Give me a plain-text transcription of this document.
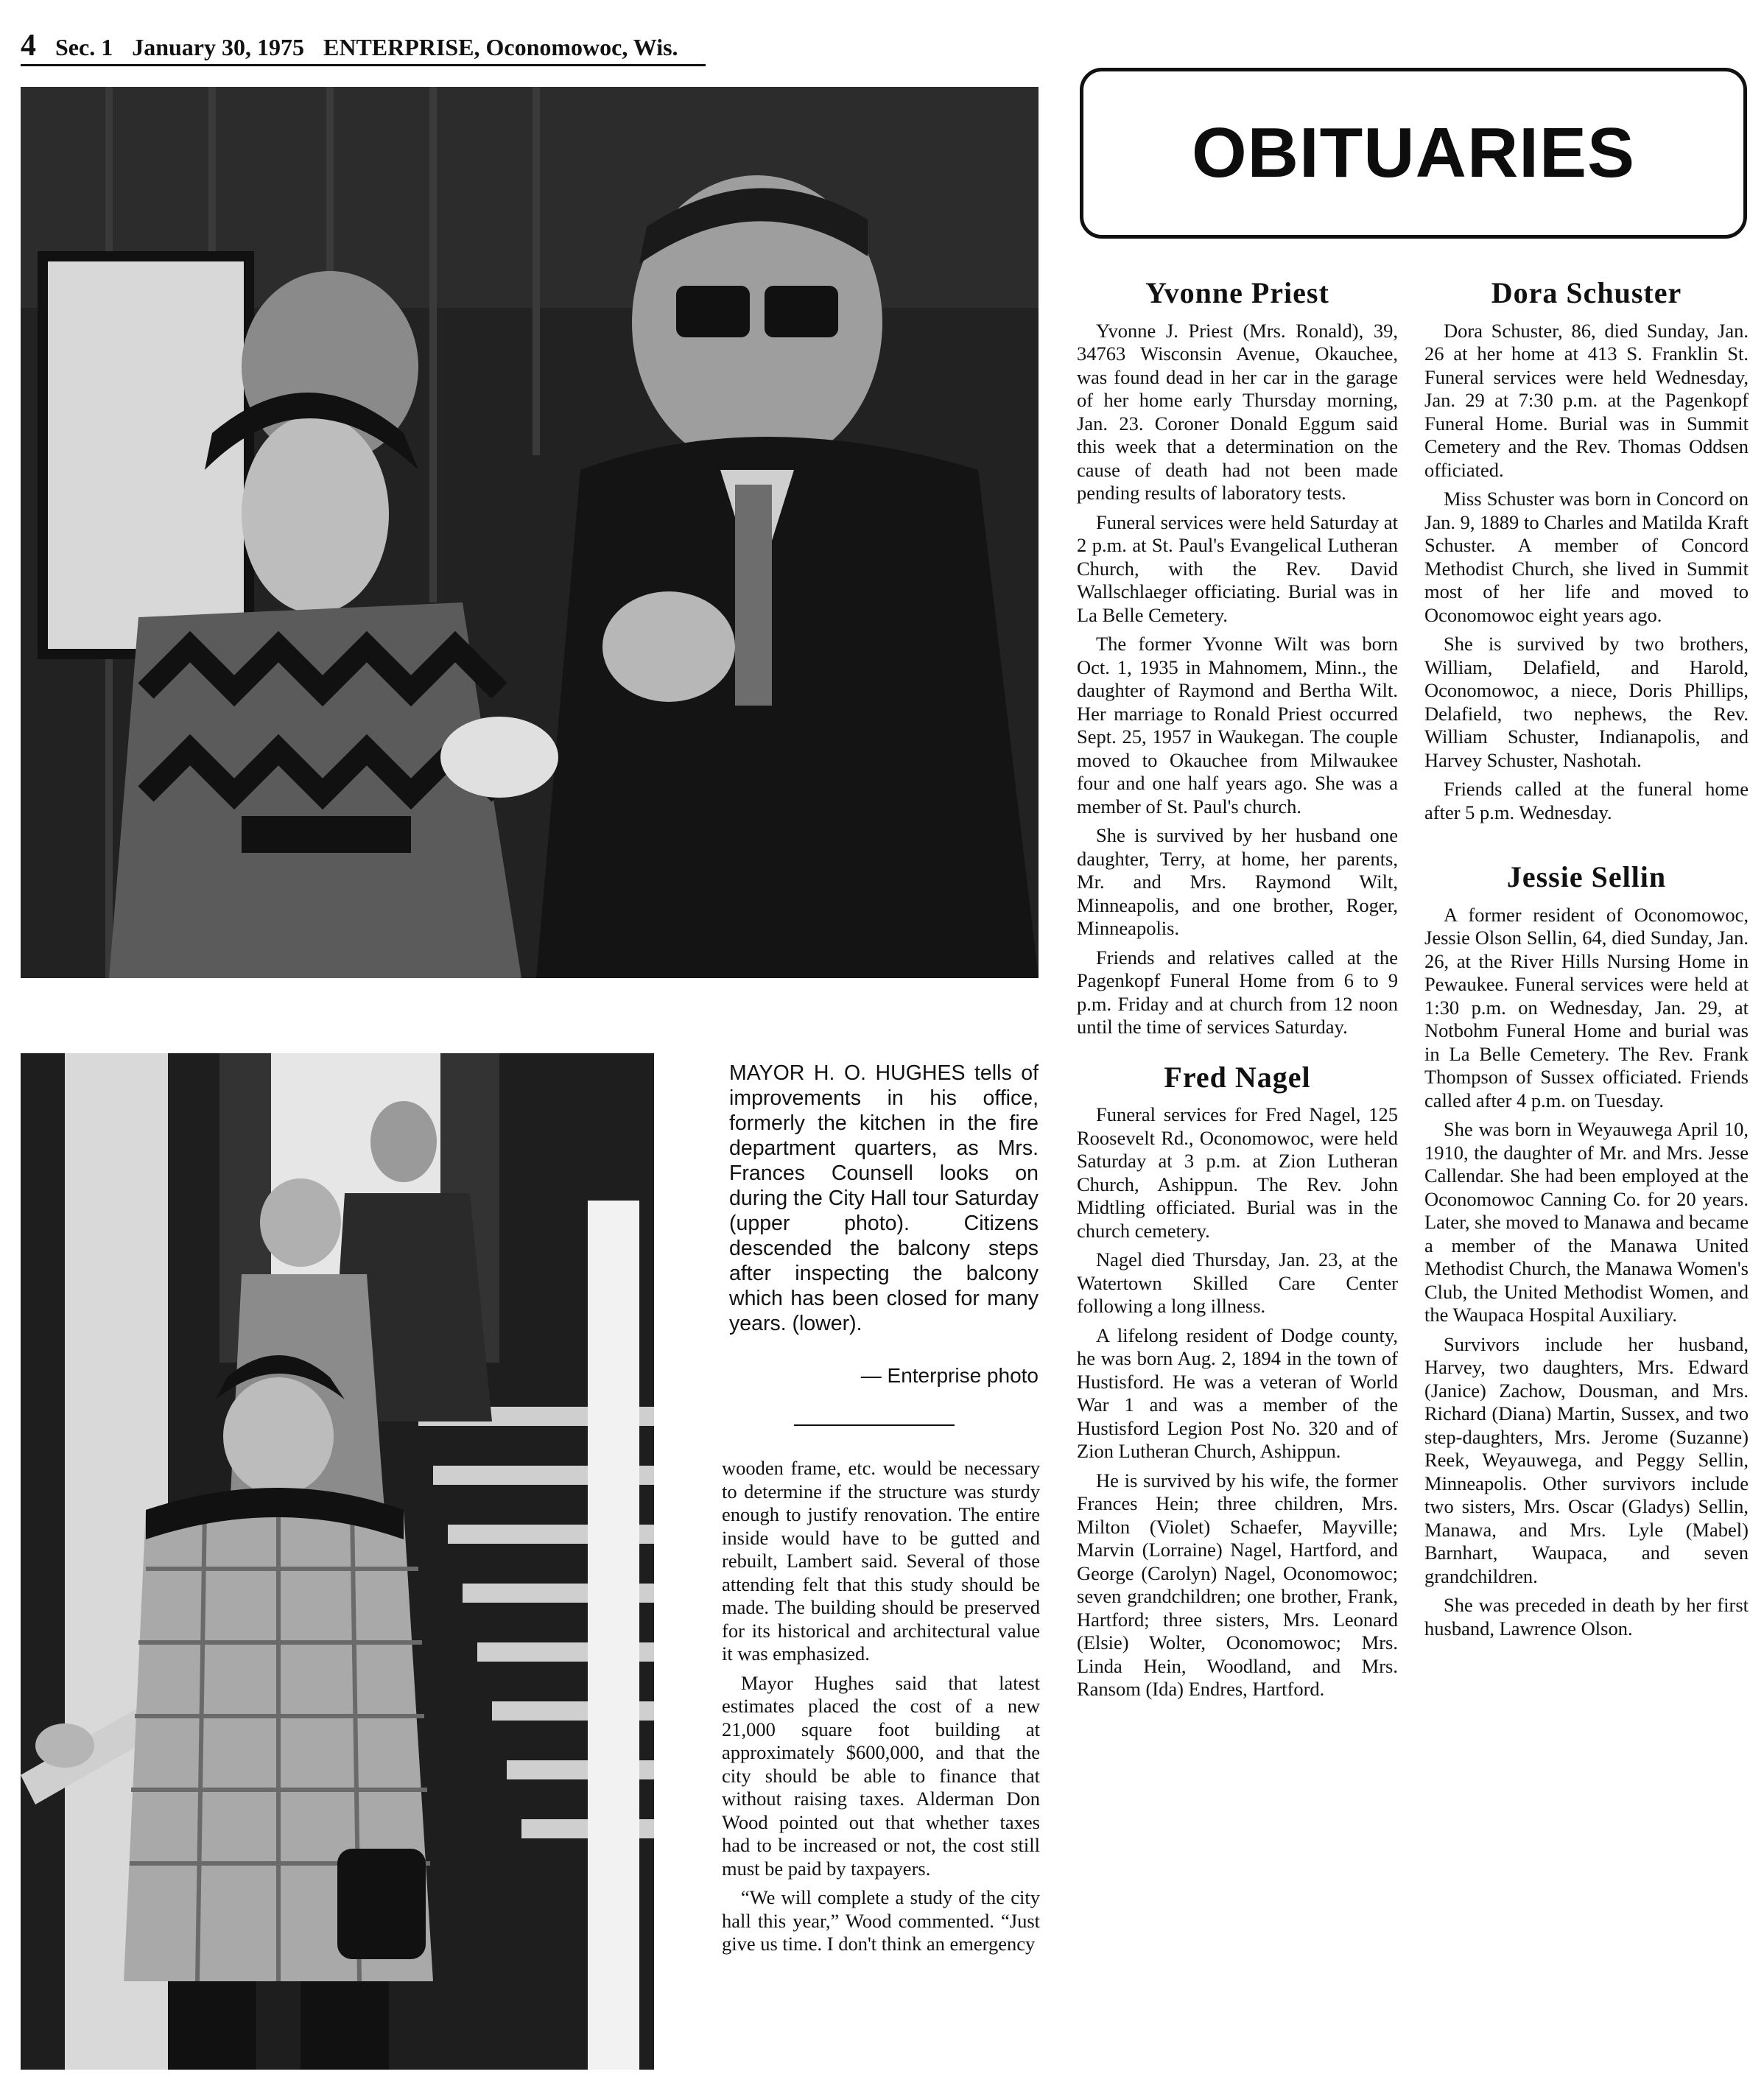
4 Sec. 1 January 30, 1975 ENTERPRISE, Oconomowoc, Wis.
MAYOR H. O. HUGHES tells of improvements in his office, formerly the kitchen in the fire department quarters, as Mrs. Frances Counsell looks on during the City Hall tour Saturday (upper photo). Citizens descended the balcony steps after inspecting the balcony which has been closed for many years. (lower).
— Enterprise photo

wooden frame, etc. would be necessary to determine if the structure was sturdy enough to justify renovation. The entire inside would have to be gutted and rebuilt, Lambert said. Several of those attending felt that this study should be made. The building should be preserved for its historical and architectural value it was emphasized.

Mayor Hughes said that latest estimates placed the cost of a new 21,000 square foot building at approximately $600,000, and that the city should be able to finance that without raising taxes. Alderman Don Wood pointed out that whether taxes had to be increased or not, the cost still must be paid by taxpayers.

“We will complete a study of the city hall this year,” Wood commented. “Just give us time. I don't think an emergency

OBITUARIES
Yvonne Priest

Yvonne J. Priest (Mrs. Ronald), 39, 34763 Wisconsin Avenue, Okauchee, was found dead in her car in the garage of her home early Thursday morning, Jan. 23. Coroner Donald Eggum said this week that a determination on the cause of death had not been made pending results of laboratory tests.

Funeral services were held Saturday at 2 p.m. at St. Paul's Evangelical Lutheran Church, with the Rev. David Wallschlaeger officiating. Burial was in La Belle Cemetery.

The former Yvonne Wilt was born Oct. 1, 1935 in Mahnomem, Minn., the daughter of Raymond and Bertha Wilt. Her marriage to Ronald Priest occurred Sept. 25, 1957 in Waukegan. The couple moved to Okauchee from Milwaukee four and one half years ago. She was a member of St. Paul's church.

She is survived by her husband one daughter, Terry, at home, her parents, Mr. and Mrs. Raymond Wilt, Minneapolis, and one brother, Roger, Minneapolis.

Friends and relatives called at the Pagenkopf Funeral Home from 6 to 9 p.m. Friday and at church from 12 noon until the time of services Saturday.

Fred Nagel

Funeral services for Fred Nagel, 125 Roosevelt Rd., Oconomowoc, were held Saturday at 3 p.m. at Zion Lutheran Church, Ashippun. The Rev. John Midtling officiated. Burial was in the church cemetery.

Nagel died Thursday, Jan. 23, at the Watertown Skilled Care Center following a long illness.

A lifelong resident of Dodge county, he was born Aug. 2, 1894 in the town of Hustisford. He was a veteran of World War 1 and was a member of the Hustisford Legion Post No. 320 and of Zion Lutheran Church, Ashippun.

He is survived by his wife, the former Frances Hein; three children, Mrs. Milton (Violet) Schaefer, Mayville; Marvin (Lorraine) Nagel, Hartford, and George (Carolyn) Nagel, Oconomowoc; seven grandchildren; one brother, Frank, Hartford; three sisters, Mrs. Leonard (Elsie) Wolter, Oconomowoc; Mrs. Linda Hein, Woodland, and Mrs. Ransom (Ida) Endres, Hartford.

Dora Schuster

Dora Schuster, 86, died Sunday, Jan. 26 at her home at 413 S. Franklin St. Funeral services were held Wednesday, Jan. 29 at 7:30 p.m. at the Pagenkopf Funeral Home. Burial was in Summit Cemetery and the Rev. Thomas Oddsen officiated.

Miss Schuster was born in Concord on Jan. 9, 1889 to Charles and Matilda Kraft Schuster. A member of Concord Methodist Church, she lived in Summit most of her life and moved to Oconomowoc eight years ago.

She is survived by two brothers, William, Delafield, and Harold, Oconomowoc, a niece, Doris Phillips, Delafield, two nephews, the Rev. William Schuster, Indianapolis, and Harvey Schuster, Nashotah.

Friends called at the funeral home after 5 p.m. Wednesday.

Jessie Sellin

A former resident of Oconomowoc, Jessie Olson Sellin, 64, died Sunday, Jan. 26, at the River Hills Nursing Home in Pewaukee. Funeral services were held at 1:30 p.m. on Wednesday, Jan. 29, at Notbohm Funeral Home and burial was in La Belle Cemetery. The Rev. Frank Thompson of Sussex officiated. Friends called after 4 p.m. on Tuesday.

She was born in Weyauwega April 10, 1910, the daughter of Mr. and Mrs. Jesse Callendar. She had been employed at the Oconomowoc Canning Co. for 20 years. Later, she moved to Manawa and became a member of the Manawa United Methodist Church, the Manawa Women's Club, the United Methodist Women, and the Waupaca Hospital Auxiliary.

Survivors include her husband, Harvey, two daughters, Mrs. Edward (Janice) Zachow, Dousman, and Mrs. Richard (Diana) Martin, Sussex, and two step-daughters, Mrs. Jerome (Suzanne) Reek, Weyauwega, and Peggy Sellin, Minneapolis. Other survivors include two sisters, Mrs. Oscar (Gladys) Sellin, Manawa, and Mrs. Lyle (Mabel) Barnhart, Waupaca, and seven grandchildren.

She was preceded in death by her first husband, Lawrence Olson.
